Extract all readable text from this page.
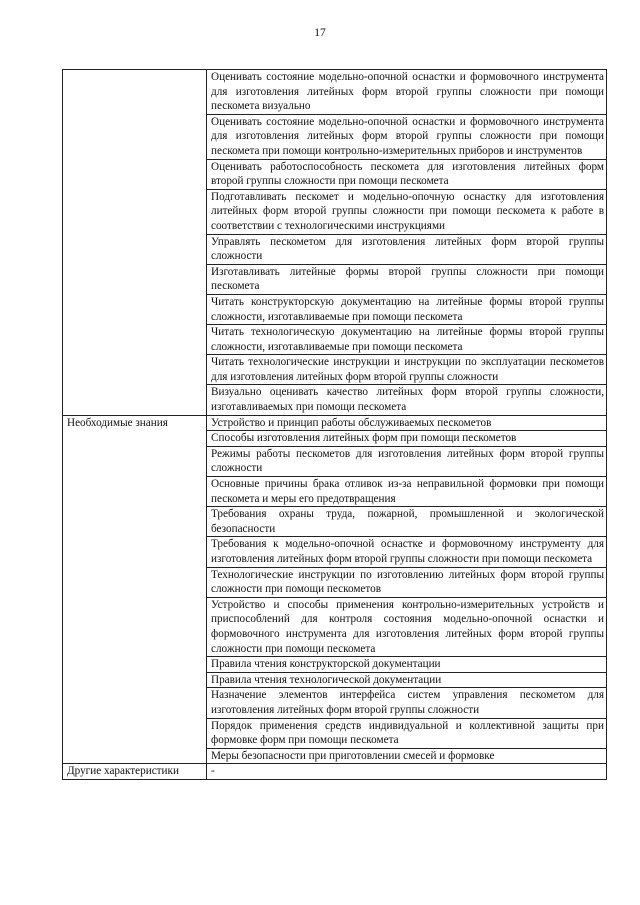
17
	Оценивать состояние модельно-опочной оснастки и формовочного инструмента для изготовления литейных форм второй группы сложности при помощи пескомета визуально
	Оценивать состояние модельно-опочной оснастки и формовочного инструмента для изготовления литейных форм второй группы сложности при помощи пескомета при помощи контрольно-измерительных приборов и инструментов
	Оценивать работоспособность пескомета для изготовления литейных форм второй группы сложности при помощи пескомета
	Подготавливать пескомет и модельно-опочную оснастку для изготовления литейных форм второй группы сложности при помощи пескомета к работе в соответствии с технологическими инструкциями
	Управлять пескометом для изготовления литейных форм второй группы сложности
	Изготавливать литейные формы второй группы сложности при помощи пескомета
	Читать конструкторскую документацию на литейные формы второй группы сложности, изготавливаемые при помощи пескомета
	Читать технологическую документацию на литейные формы второй группы сложности, изготавливаемые при помощи пескомета
	Читать технологические инструкции и инструкции по эксплуатации пескометов для изготовления литейных форм второй группы сложности
	Визуально оценивать качество литейных форм второй группы сложности, изготавливаемых при помощи пескомета
Необходимые знания	Устройство и принцип работы обслуживаемых пескометов
	Способы изготовления литейных форм при помощи пескометов
	Режимы работы пескометов для изготовления литейных форм второй группы сложности
	Основные причины брака отливок из-за неправильной формовки при помощи пескомета и меры его предотвращения
	Требования охраны труда, пожарной, промышленной и экологической безопасности
	Требования к модельно-опочной оснастке и формовочному инструменту для изготовления литейных форм второй группы сложности при помощи пескомета
	Технологические инструкции по изготовлению литейных форм второй группы сложности при помощи пескометов
	Устройство и способы применения контрольно-измерительных устройств и приспособлений для контроля состояния модельно-опочной оснастки и формовочного инструмента для изготовления литейных форм второй группы сложности при помощи пескомета
	Правила чтения конструкторской документации
	Правила чтения технологической документации
	Назначение элементов интерфейса систем управления пескометом для изготовления литейных форм второй группы сложности
	Порядок применения средств индивидуальной и коллективной защиты при формовке форм при помощи пескомета
	Меры безопасности при приготовлении смесей и формовке
Другие характеристики	-
